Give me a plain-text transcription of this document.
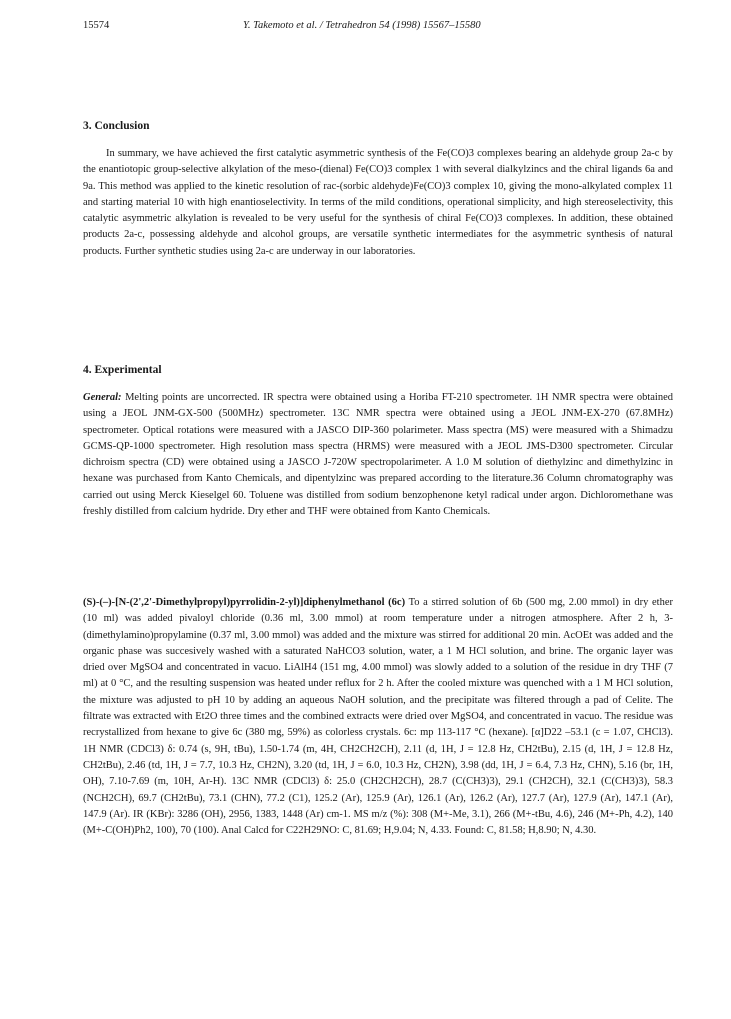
15574	Y. Takemoto et al. / Tetrahedron 54 (1998) 15567–15580
3. Conclusion

In summary, we have achieved the first catalytic asymmetric synthesis of the Fe(CO)3 complexes bearing an aldehyde group 2a-c by the enantiotopic group-selective alkylation of the meso-(dienal) Fe(CO)3 complex 1 with several dialkylzincs and the chiral ligands 6a and 9a. This method was applied to the kinetic resolution of rac-(sorbic aldehyde)Fe(CO)3 complex 10, giving the mono-alkylated complex 11 and starting material 10 with high enantioselectivity. In terms of the mild conditions, operational simplicity, and high stereoselectivity, this catalytic asymmetric alkylation is revealed to be very useful for the synthesis of chiral Fe(CO)3 complexes. In addition, these obtained products 2a-c, possessing aldehyde and alcohol groups, are versatile synthetic intermediates for the asymmetric synthesis of natural products. Further synthetic studies using 2a-c are underway in our laboratories.

4. Experimental

General: Melting points are uncorrected. IR spectra were obtained using a Horiba FT-210 spectrometer. 1H NMR spectra were obtained using a JEOL JNM-GX-500 (500MHz) spectrometer. 13C NMR spectra were obtained using a JEOL JNM-EX-270 (67.8MHz) spectrometer. Optical rotations were measured with a JASCO DIP-360 polarimeter. Mass spectra (MS) were measured with a Shimadzu GCMS-QP-1000 spectrometer. High resolution mass spectra (HRMS) were measured with a JEOL JMS-D300 spectrometer. Circular dichroism spectra (CD) were obtained using a JASCO J-720W spectropolarimeter. A 1.0 M solution of diethylzinc and dimethylzinc in hexane was purchased from Kanto Chemicals, and dipentylzinc was prepared according to the literature.36 Column chromatography was carried out using Merck Kieselgel 60. Toluene was distilled from sodium benzophenone ketyl radical under argon. Dichloromethane was freshly distilled from calcium hydride. Dry ether and THF were obtained from Kanto Chemicals.

(S)-(–)-[N-(2',2'-Dimethylpropyl)pyrrolidin-2-yl)]diphenylmethanol (6c) To a stirred solution of 6b (500 mg, 2.00 mmol) in dry ether (10 ml) was added pivaloyl chloride (0.36 ml, 3.00 mmol) at room temperature under a nitrogen atmosphere. After 2 h, 3-(dimethylamino)propylamine (0.37 ml, 3.00 mmol) was added and the mixture was stirred for additional 20 min. AcOEt was added and the organic phase was succesively washed with a saturated NaHCO3 solution, water, a 1 M HCl solution, and brine. The organic layer was dried over MgSO4 and concentrated in vacuo. LiAlH4 (151 mg, 4.00 mmol) was slowly added to a solution of the residue in dry THF (7 ml) at 0 °C, and the resulting suspension was heated under reflux for 2 h. After the cooled mixture was quenched with a 1 M HCl solution, the mixture was adjusted to pH 10 by adding an aqueous NaOH solution, and the precipitate was filtered through a pad of Celite. The filtrate was extracted with Et2O three times and the combined extracts were dried over MgSO4, and concentrated in vacuo. The residue was recrystallized from hexane to give 6c (380 mg, 59%) as colorless crystals. 6c: mp 113-117 °C (hexane). [α]D22 –53.1 (c = 1.07, CHCl3). 1H NMR (CDCl3) δ: 0.74 (s, 9H, tBu), 1.50-1.74 (m, 4H, CH2CH2CH), 2.11 (d, 1H, J = 12.8 Hz, CH2tBu), 2.15 (d, 1H, J = 12.8 Hz, CH2tBu), 2.46 (td, 1H, J = 7.7, 10.3 Hz, CH2N), 3.20 (td, 1H, J = 6.0, 10.3 Hz, CH2N), 3.98 (dd, 1H, J = 6.4, 7.3 Hz, CHN), 5.16 (br, 1H, OH), 7.10-7.69 (m, 10H, Ar-H). 13C NMR (CDCl3) δ: 25.0 (CH2CH2CH), 28.7 (C(CH3)3), 29.1 (CH2CH), 32.1 (C(CH3)3), 58.3 (NCH2CH), 69.7 (CH2tBu), 73.1 (CHN), 77.2 (C1), 125.2 (Ar), 125.9 (Ar), 126.1 (Ar), 126.2 (Ar), 127.7 (Ar), 127.9 (Ar), 147.1 (Ar), 147.9 (Ar). IR (KBr): 3286 (OH), 2956, 1383, 1448 (Ar) cm-1. MS m/z (%): 308 (M+-Me, 3.1), 266 (M+-tBu, 4.6), 246 (M+-Ph, 4.2), 140 (M+-C(OH)Ph2, 100), 70 (100). Anal Calcd for C22H29NO: C, 81.69; H,9.04; N, 4.33. Found: C, 81.58; H,8.90; N, 4.30.
